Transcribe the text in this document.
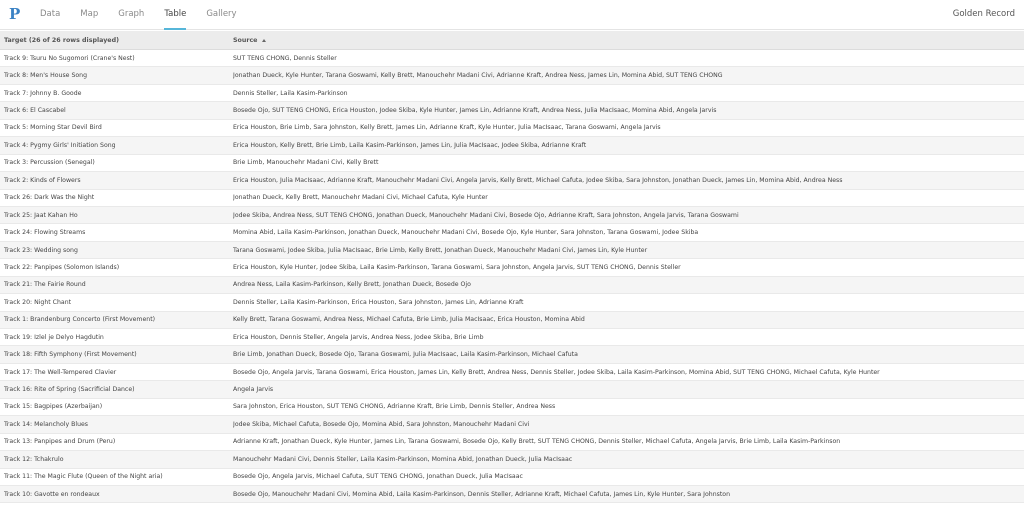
P Data Map Graph Table Gallery	Golden Record
Target (26 of 26 rows displayed)	Source
Track 9: Tsuru No Sugomori (Crane's Nest)	SUT TENG CHONG, Dennis Steller
Track 8: Men's House Song	Jonathan Dueck, Kyle Hunter, Tarana Goswami, Kelly Brett, Manouchehr Madani Civi, Adrianne Kraft, Andrea Ness, James Lin, Momina Abid, SUT TENG CHONG
Track 7: Johnny B. Goode	Dennis Steller, Laila Kasim-Parkinson
Track 6: El Cascabel	Bosede Ojo, SUT TENG CHONG, Erica Houston, Jodee Skiba, Kyle Hunter, James Lin, Adrianne Kraft, Andrea Ness, Julia MacIsaac, Momina Abid, Angela Jarvis
Track 5: Morning Star Devil Bird	Erica Houston, Brie Limb, Sara Johnston, Kelly Brett, James Lin, Adrianne Kraft, Kyle Hunter, Julia MacIsaac, Tarana Goswami, Angela Jarvis
Track 4: Pygmy Girls' Initiation Song	Erica Houston, Kelly Brett, Brie Limb, Laila Kasim-Parkinson, James Lin, Julia MacIsaac, Jodee Skiba, Adrianne Kraft
Track 3: Percussion (Senegal)	Brie Limb, Manouchehr Madani Civi, Kelly Brett
Track 2: Kinds of Flowers	Erica Houston, Julia MacIsaac, Adrianne Kraft, Manouchehr Madani Civi, Angela Jarvis, Kelly Brett, Michael Cafuta, Jodee Skiba, Sara Johnston, Jonathan Dueck, James Lin, Momina Abid, Andrea Ness
Track 26: Dark Was the Night	Jonathan Dueck, Kelly Brett, Manouchehr Madani Civi, Michael Cafuta, Kyle Hunter
Track 25: Jaat Kahan Ho	Jodee Skiba, Andrea Ness, SUT TENG CHONG, Jonathan Dueck, Manouchehr Madani Civi, Bosede Ojo, Adrianne Kraft, Sara Johnston, Angela Jarvis, Tarana Goswami
Track 24: Flowing Streams	Momina Abid, Laila Kasim-Parkinson, Jonathan Dueck, Manouchehr Madani Civi, Bosede Ojo, Kyle Hunter, Sara Johnston, Tarana Goswami, Jodee Skiba
Track 23: Wedding song	Tarana Goswami, Jodee Skiba, Julia MacIsaac, Brie Limb, Kelly Brett, Jonathan Dueck, Manouchehr Madani Civi, James Lin, Kyle Hunter
Track 22: Panpipes (Solomon Islands)	Erica Houston, Kyle Hunter, Jodee Skiba, Laila Kasim-Parkinson, Tarana Goswami, Sara Johnston, Angela Jarvis, SUT TENG CHONG, Dennis Steller
Track 21: The Fairie Round	Andrea Ness, Laila Kasim-Parkinson, Kelly Brett, Jonathan Dueck, Bosede Ojo
Track 20: Night Chant	Dennis Steller, Laila Kasim-Parkinson, Erica Houston, Sara Johnston, James Lin, Adrianne Kraft
Track 1: Brandenburg Concerto (First Movement)	Kelly Brett, Tarana Goswami, Andrea Ness, Michael Cafuta, Brie Limb, Julia MacIsaac, Erica Houston, Momina Abid
Track 19: Izlel je Delyo Hagdutin	Erica Houston, Dennis Steller, Angela Jarvis, Andrea Ness, Jodee Skiba, Brie Limb
Track 18: Fifth Symphony (First Movement)	Brie Limb, Jonathan Dueck, Bosede Ojo, Tarana Goswami, Julia MacIsaac, Laila Kasim-Parkinson, Michael Cafuta
Track 17: The Well-Tempered Clavier	Bosede Ojo, Angela Jarvis, Tarana Goswami, Erica Houston, James Lin, Kelly Brett, Andrea Ness, Dennis Steller, Jodee Skiba, Laila Kasim-Parkinson, Momina Abid, SUT TENG CHONG, Michael Cafuta, Kyle Hunter
Track 16: Rite of Spring (Sacrificial Dance)	Angela Jarvis
Track 15: Bagpipes (Azerbaijan)	Sara Johnston, Erica Houston, SUT TENG CHONG, Adrianne Kraft, Brie Limb, Dennis Steller, Andrea Ness
Track 14: Melancholy Blues	Jodee Skiba, Michael Cafuta, Bosede Ojo, Momina Abid, Sara Johnston, Manouchehr Madani Civi
Track 13: Panpipes and Drum (Peru)	Adrianne Kraft, Jonathan Dueck, Kyle Hunter, James Lin, Tarana Goswami, Bosede Ojo, Kelly Brett, SUT TENG CHONG, Dennis Steller, Michael Cafuta, Angela Jarvis, Brie Limb, Laila Kasim-Parkinson
Track 12: Tchakrulo	Manouchehr Madani Civi, Dennis Steller, Laila Kasim-Parkinson, Momina Abid, Jonathan Dueck, Julia MacIsaac
Track 11: The Magic Flute (Queen of the Night aria)	Bosede Ojo, Angela Jarvis, Michael Cafuta, SUT TENG CHONG, Jonathan Dueck, Julia MacIsaac
Track 10: Gavotte en rondeaux	Bosede Ojo, Manouchehr Madani Civi, Momina Abid, Laila Kasim-Parkinson, Dennis Steller, Adrianne Kraft, Michael Cafuta, James Lin, Kyle Hunter, Sara Johnston
